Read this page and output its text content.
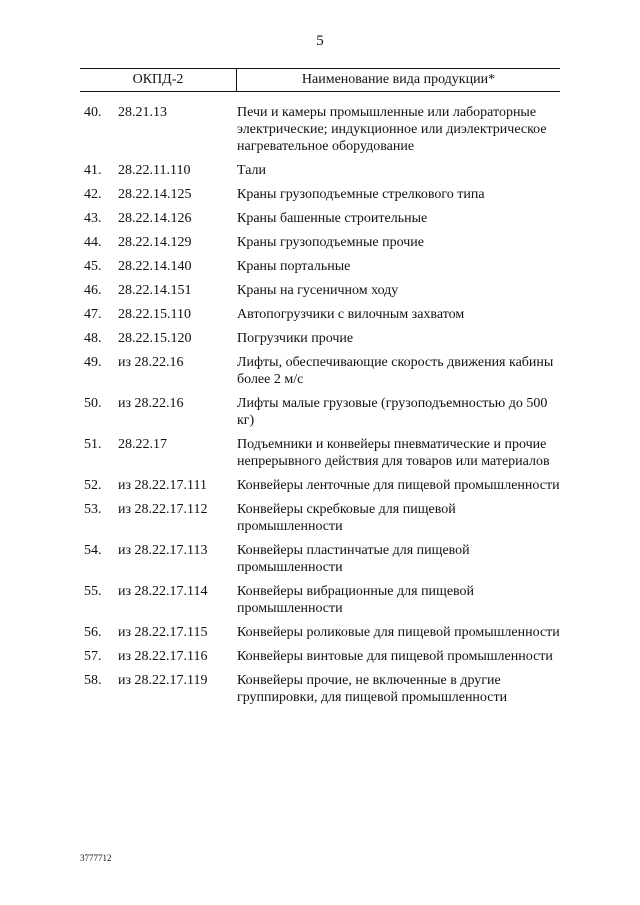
5
ОКПД-2	Наименование вида продукции*
40.	28.21.13	Печи и камеры промышленные или лабораторные электрические; индукционное или диэлектрическое нагревательное оборудование
41.	28.22.11.110	Тали
42.	28.22.14.125	Краны грузоподъемные стрелкового типа
43.	28.22.14.126	Краны башенные строительные
44.	28.22.14.129	Краны грузоподъемные прочие
45.	28.22.14.140	Краны портальные
46.	28.22.14.151	Краны на гусеничном ходу
47.	28.22.15.110	Автопогрузчики с вилочным захватом
48.	28.22.15.120	Погрузчики прочие
49.	из 28.22.16	Лифты, обеспечивающие скорость движения кабины более 2 м/с
50.	из 28.22.16	Лифты малые грузовые (грузоподъемностью до 500 кг)
51.	28.22.17	Подъемники и конвейеры пневматические и прочие непрерывного действия для товаров или материалов
52.	из 28.22.17.111	Конвейеры ленточные для пищевой промышленности
53.	из 28.22.17.112	Конвейеры скребковые для пищевой промышленности
54.	из 28.22.17.113	Конвейеры пластинчатые для пищевой промышленности
55.	из 28.22.17.114	Конвейеры вибрационные для пищевой промышленности
56.	из 28.22.17.115	Конвейеры роликовые для пищевой промышленности
57.	из 28.22.17.116	Конвейеры винтовые для пищевой промышленности
58.	из 28.22.17.119	Конвейеры прочие, не включенные в другие группировки, для пищевой промышленности
3777712
